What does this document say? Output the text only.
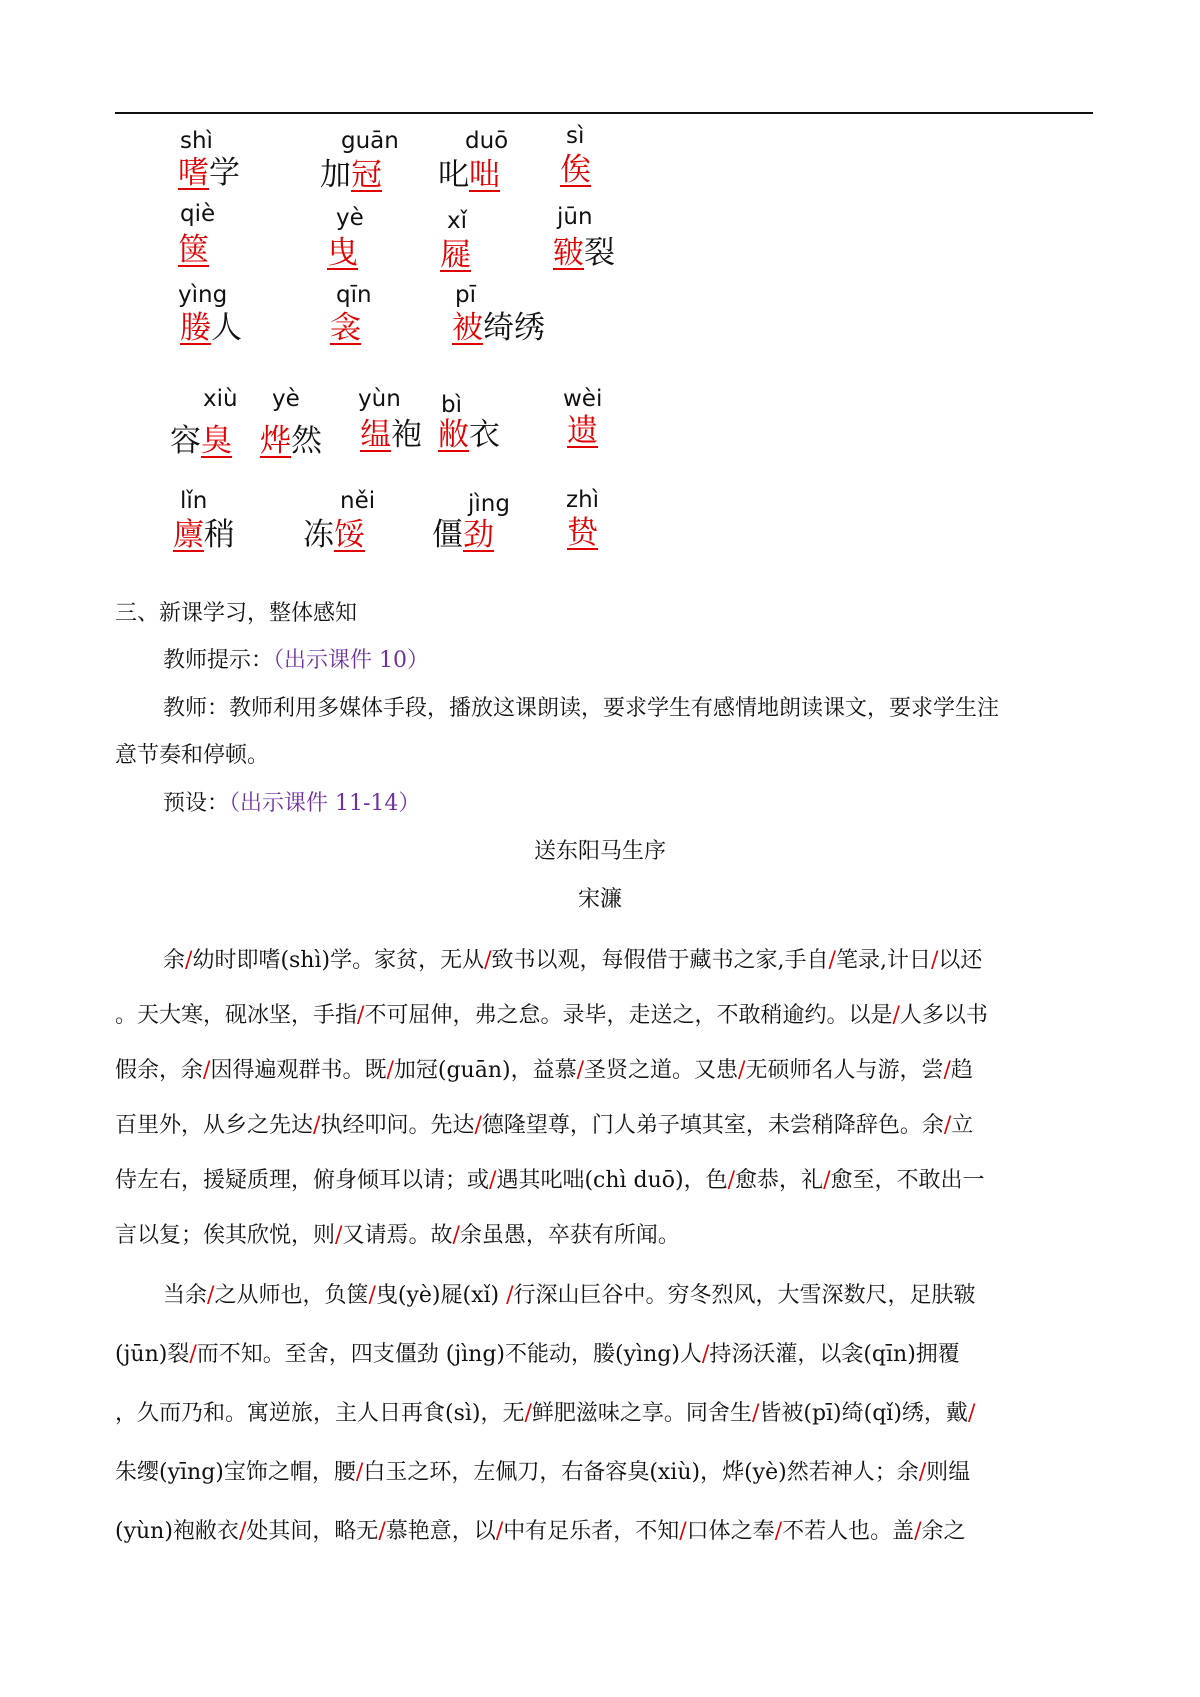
shì
嗜学
guān
加冠
duō
叱咄
sì
俟
qiè
箧
yè
曳
xǐ
屣
jūn
皲裂
yìng
媵人
qīn
衾
pī
被绮绣
xiù
容臭
yè
烨然
yùn
缊袍
bì
敝衣
wèi
遗
lǐn
廪稍
něi
冻馁
jìng
僵劲
zhì
贽
三、新课学习，整体感知
教师提示：（出示课件 10）
教师：教师利用多媒体手段，播放这课朗读，要求学生有感情地朗读课文，要求学生注
意节奏和停顿。
预设：（出示课件 11-14）
送东阳马生序
宋濂
余/幼时即嗜(shì)学。家贫，无从/致书以观，每假借于藏书之家,手自/笔录,计日/以还
。天大寒，砚冰坚，手指/不可屈伸，弗之怠。录毕，走送之，不敢稍逾约。以是/人多以书
假余，余/因得遍观群书。既/加冠(guān)，益慕/圣贤之道。又患/无硕师名人与游，尝/趋
百里外，从乡之先达/执经叩问。先达/德隆望尊，门人弟子填其室，未尝稍降辞色。余/立
侍左右，援疑质理，俯身倾耳以请；或/遇其叱咄(chì duō)，色/愈恭，礼/愈至，不敢出一
言以复；俟其欣悦，则/又请焉。故/余虽愚，卒获有所闻。
当余/之从师也，负箧/曳(yè)屣(xǐ) /行深山巨谷中。穷冬烈风，大雪深数尺，足肤皲
(jūn)裂/而不知。至舍，四支僵劲 (jìng)不能动，媵(yìng)人/持汤沃灌，以衾(qīn)拥覆
，久而乃和。寓逆旅，主人日再食(sì)，无/鲜肥滋味之享。同舍生/皆被(pī)绮(qǐ)绣，戴/
朱缨(yīng)宝饰之帽，腰/白玉之环，左佩刀，右备容臭(xiù)，烨(yè)然若神人；余/则缊
(yùn)袍敝衣/处其间，略无/慕艳意，以/中有足乐者，不知/口体之奉/不若人也。盖/余之
